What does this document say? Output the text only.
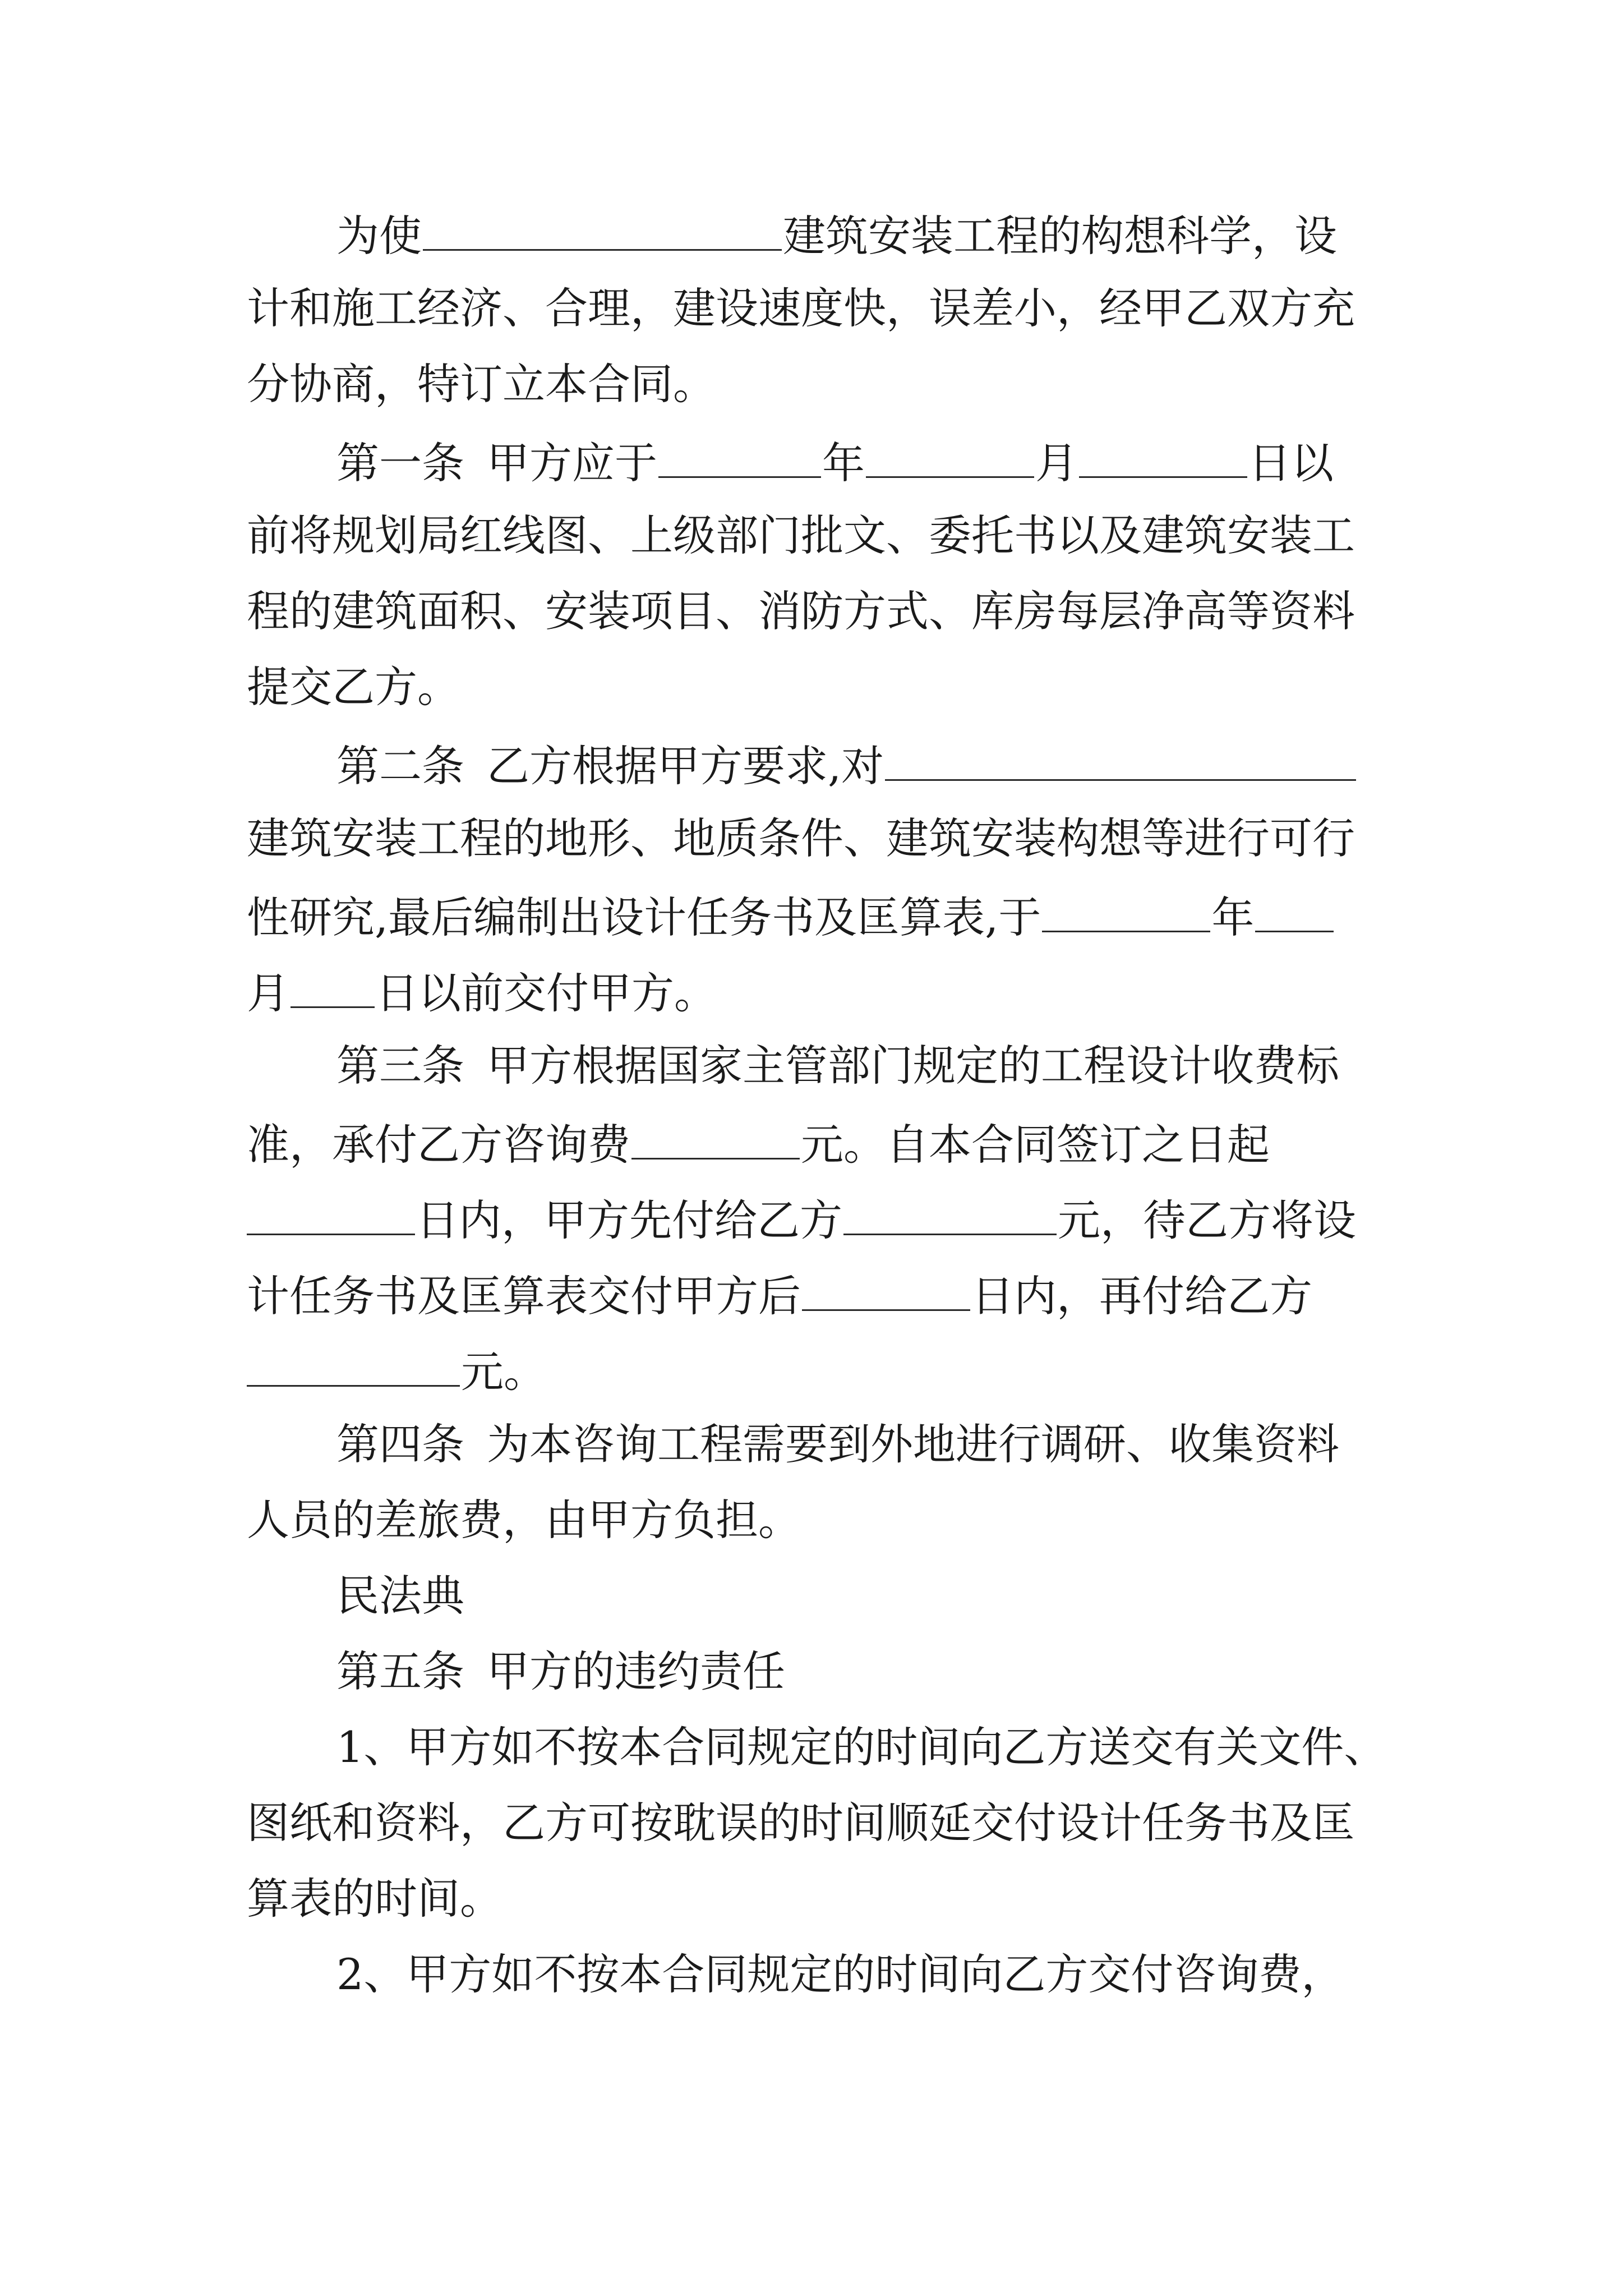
为使	建筑安装工程的构想科学，设
计和施工经济、合理，建设速度快，误差小，经甲乙双方充
分协商，特订立本合同。
第一条 甲方应于	年	月	日以
前将规划局红线图、上级部门批文、委托书以及建筑安装工
程的建筑面积、安装项目、消防方式、库房每层净高等资料
提交乙方。
第二条 乙方根据甲方要求,对
建筑安装工程的地形、地质条件、建筑安装构想等进行可行
性研究,最后编制出设计任务书及匡算表,于	年
月 日以前交付甲方。
第三条 甲方根据国家主管部门规定的工程设计收费标
准，承付乙方咨询费	元。自本合同签订之日起
日内，甲方先付给乙方	元，待乙方将设
计任务书及匡算表交付甲方后	日内，再付给乙方
元。
第四条 为本咨询工程需要到外地进行调研、收集资料
人员的差旅费，由甲方负担。
民法典
第五条 甲方的违约责任
1、甲方如不按本合同规定的时间向乙方送交有关文件、
图纸和资料，乙方可按耽误的时间顺延交付设计任务书及匡
算表的时间。
2、甲方如不按本合同规定的时间向乙方交付咨询费，
